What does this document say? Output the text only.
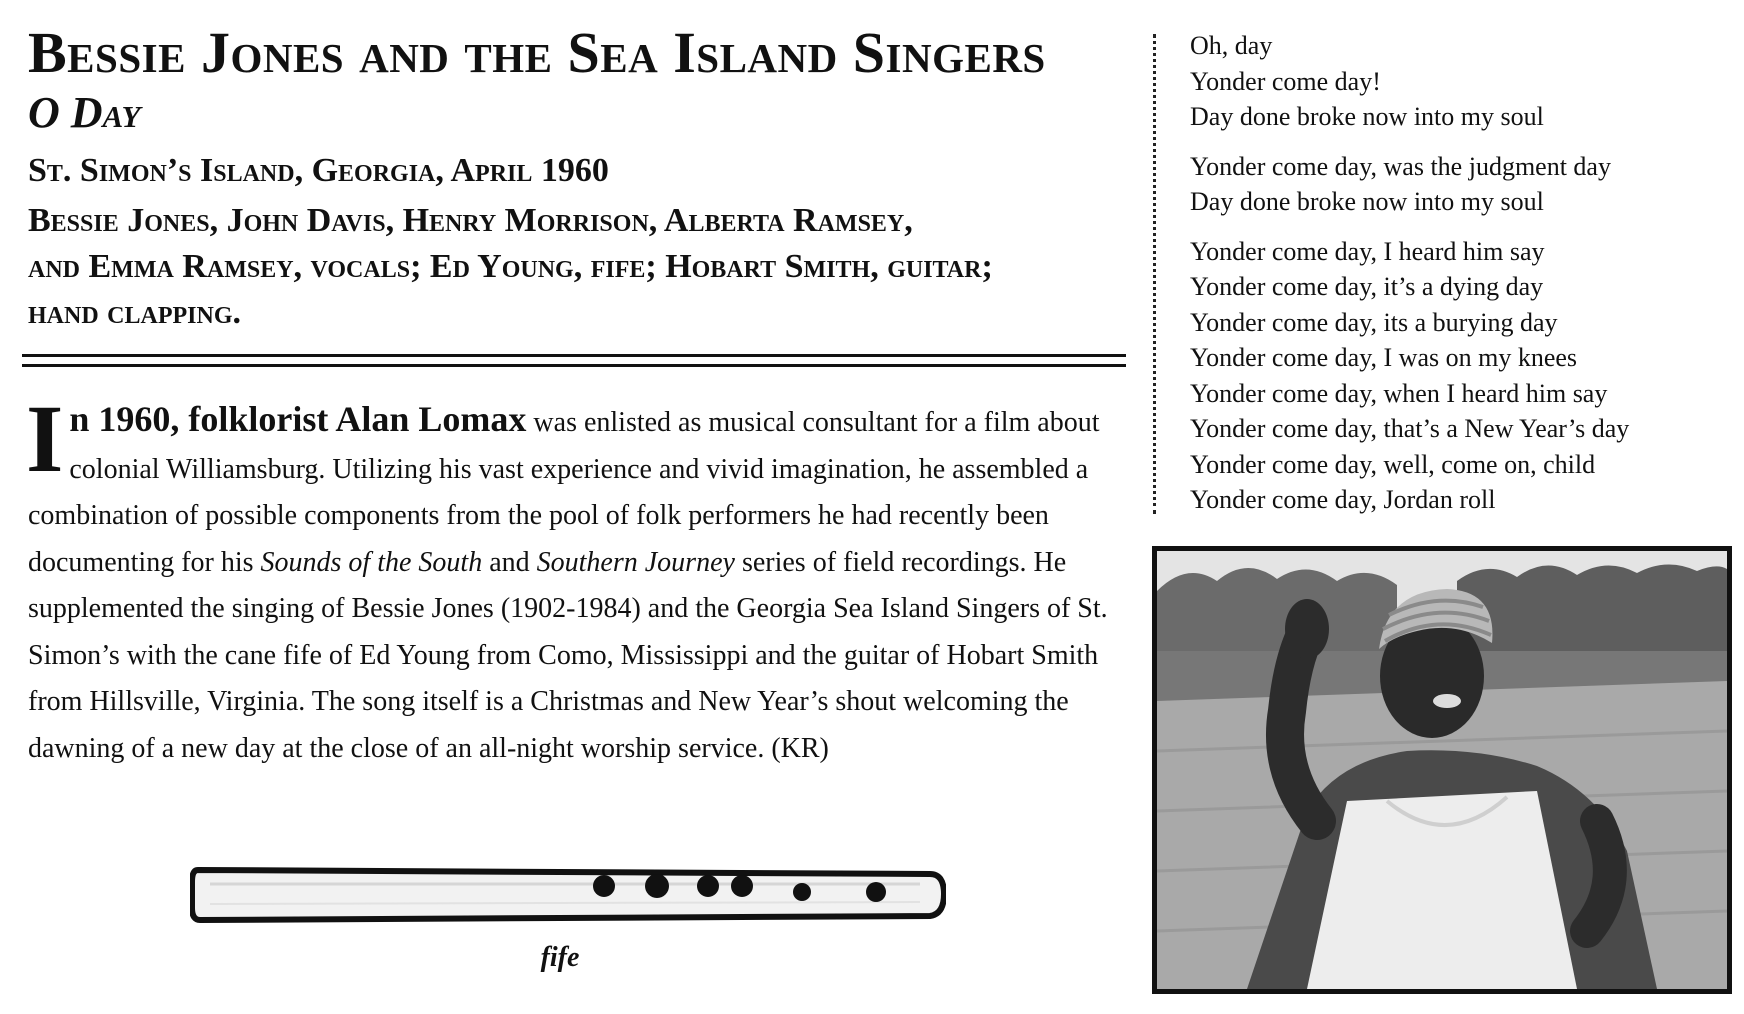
Bessie Jones and the Sea Island Singers
O Day

St. Simon’s Island, Georgia, April 1960

Bessie Jones, John Davis, Henry Morrison, Alberta Ramsey,
and Emma Ramsey, vocals; Ed Young, fife; Hobart Smith, guitar;
hand clapping.

In 1960, folklorist Alan Lomax was enlisted as musical consultant for a film about colonial Williamsburg. Utilizing his vast experience and vivid imagination, he assembled a combination of possible components from the pool of folk performers he had recently been documenting for his Sounds of the South and Southern Journey series of field recordings. He supplemented the singing of Bessie Jones (1902-1984) and the Georgia Sea Island Singers of St. Simon’s with the cane fife of Ed Young from Como, Mississippi and the guitar of Hobart Smith from Hillsville, Virginia. The song itself is a Christmas and New Year’s shout welcoming the dawning of a new day at the close of an all-night worship service. (KR)

fife
Oh, day
Yonder come day!
Day done broke now into my soul
Yonder come day, was the judgment day
Day done broke now into my soul
Yonder come day, I heard him say
Yonder come day, it’s a dying day
Yonder come day, its a burying day
Yonder come day, I was on my knees
Yonder come day, when I heard him say
Yonder come day, that’s a New Year’s day
Yonder come day, well, come on, child
Yonder come day, Jordan roll
